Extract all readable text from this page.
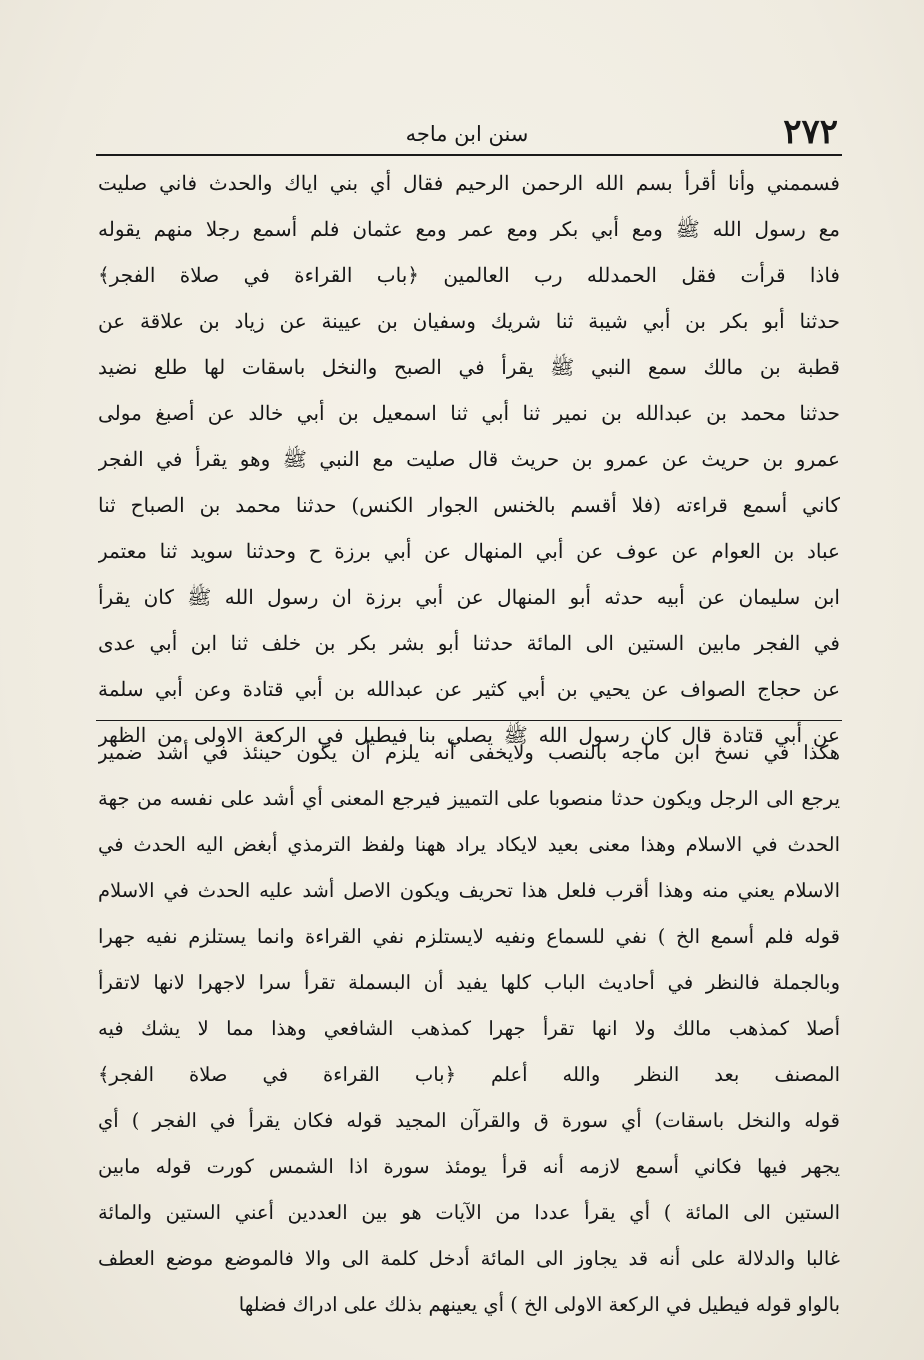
٢٧٢
سنن ابن ماجه
فسممني وأنا أقرأ بسم الله الرحمن الرحيم فقال أي بني اياك والحدث فاني صليت
مع رسول الله ﷺ ومع أبي بكر ومع عمر ومع عثمان فلم أسمع رجلا منهم يقوله
فاذا قرأت فقل الحمدلله رب العالمين ﴿باب القراءة في صلاة الفجر﴾
حدثنا أبو بكر بن أبي شيبة ثنا شريك وسفيان بن عيينة عن زياد بن علاقة عن
قطبة بن مالك سمع النبي ﷺ يقرأ في الصبح والنخل باسقات لها طلع نضيد
حدثنا محمد بن عبدالله بن نمير ثنا أبي ثنا اسمعيل بن أبي خالد عن أصبغ مولى
عمرو بن حريث عن عمرو بن حريث قال صليت مع النبي ﷺ وهو يقرأ في الفجر
كاني أسمع قراءته (فلا أقسم بالخنس الجوار الكنس) حدثنا محمد بن الصباح ثنا
عباد بن العوام عن عوف عن أبي المنهال عن أبي برزة ح وحدثنا سويد ثنا معتمر
ابن سليمان عن أبيه حدثه أبو المنهال عن أبي برزة ان رسول الله ﷺ كان يقرأ
في الفجر مابين الستين الى المائة حدثنا أبو بشر بكر بن خلف ثنا ابن أبي عدى
عن حجاج الصواف عن يحيي بن أبي كثير عن عبدالله بن أبي قتادة وعن أبي سلمة
عن أبي قتادة قال كان رسول الله ﷺ يصلي بنا فيطيل في الركعة الاولى من الظهر
هكذا في نسخ ابن ماجه بالنصب ولايخفى أنه يلزم أن يكون حينئذ في أشد ضمير
يرجع الى الرجل ويكون حدثا منصوبا على التمييز فيرجع المعنى أي أشد على نفسه من جهة
الحدث في الاسلام وهذا معنى بعيد لايكاد يراد ههنا ولفظ الترمذي أبغض اليه الحدث في
الاسلام يعني منه وهذا أقرب فلعل هذا تحريف ويكون الاصل أشد عليه الحدث في الاسلام
قوله فلم أسمع الخ ) نفي للسماع ونفيه لايستلزم نفي القراءة وانما يستلزم نفيه جهرا
وبالجملة فالنظر في أحاديث الباب كلها يفيد أن البسملة تقرأ سرا لاجهرا لانها لاتقرأ
أصلا كمذهب مالك ولا انها تقرأ جهرا كمذهب الشافعي وهذا مما لا يشك فيه
المصنف بعد النظر والله أعلم ﴿باب القراءة في صلاة الفجر﴾
قوله والنخل باسقات) أي سورة ق والقرآن المجيد قوله فكان يقرأ في الفجر ) أي
يجهر فيها فكاني أسمع لازمه أنه قرأ يومئذ سورة اذا الشمس كورت قوله مابين
الستين الى المائة ) أي يقرأ عددا من الآيات هو بين العددين أعني الستين والمائة
غالبا والدلالة على أنه قد يجاوز الى المائة أدخل كلمة الى والا فالموضع موضع العطف
بالواو قوله فيطيل في الركعة الاولى الخ ) أي يعينهم بذلك على ادراك فضلها
